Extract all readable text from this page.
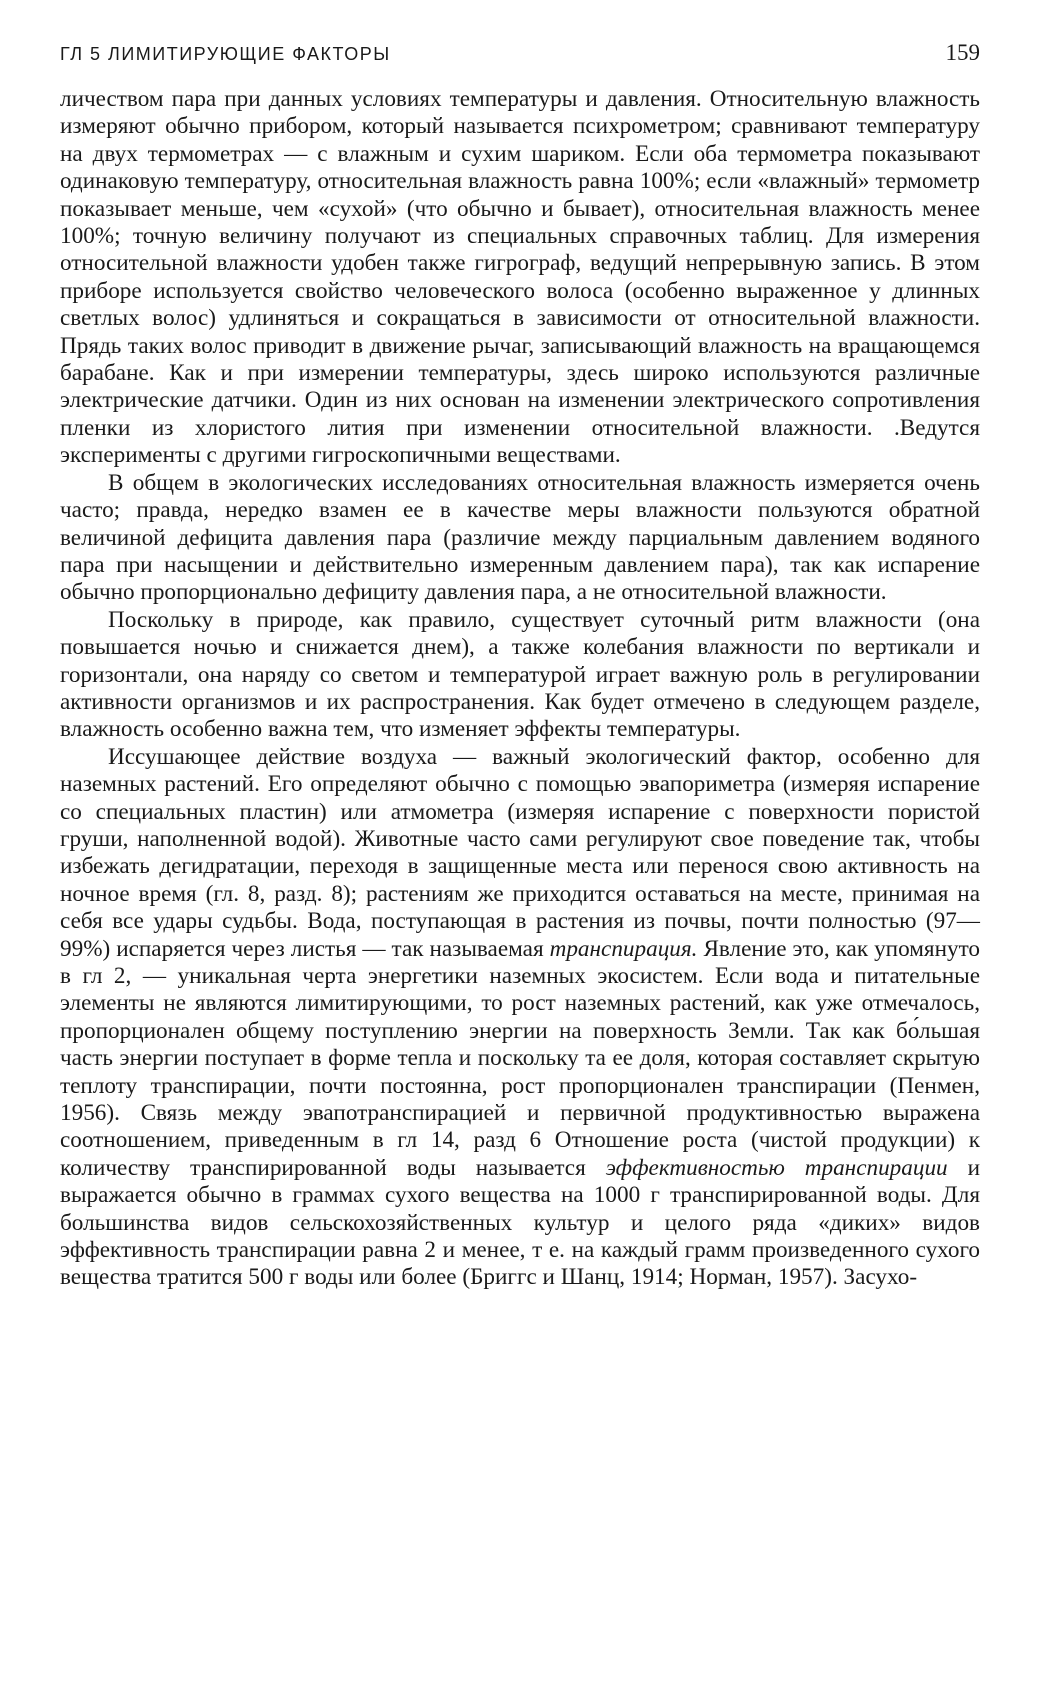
ГЛ 5 ЛИМИТИРУЮЩИЕ ФАКТОРЫ	159

личеством пара при данных условиях температуры и давления. Относительную влажность измеряют обычно прибором, который называется психрометром; сравнивают температуру на двух термометрах — с влажным и сухим шариком. Если оба термометра показывают одинаковую температуру, относительная влажность равна 100%; если «влажный» термометр показывает меньше, чем «сухой» (что обычно и бывает), относительная влажность менее 100%; точную величину получают из специальных справочных таблиц. Для измерения относительной влажности удобен также гигрограф, ведущий непрерывную запись. В этом приборе используется свойство человеческого волоса (особенно выраженное у длинных светлых волос) удлиняться и сокращаться в зависимости от относительной влажности. Прядь таких волос приводит в движение рычаг, записывающий влажность на вращающемся барабане. Как и при измерении температуры, здесь широко используются различные электрические датчики. Один из них основан на изменении электрического сопротивления пленки из хлористого лития при изменении относительной влажности. .Ведутся эксперименты с другими гигроскопичными веществами.

В общем в экологических исследованиях относительная влажность измеряется очень часто; правда, нередко взамен ее в качестве меры влажности пользуются обратной величиной дефицита давления пара (различие между парциальным давлением водяного пара при насыщении и действительно измеренным давлением пара), так как испарение обычно пропорционально дефициту давления пара, а не относительной влажности.

Поскольку в природе, как правило, существует суточный ритм влажности (она повышается ночью и снижается днем), а также колебания влажности по вертикали и горизонтали, она наряду со светом и температурой играет важную роль в регулировании активности организмов и их распространения. Как будет отмечено в следующем разделе, влажность особенно важна тем, что изменяет эффекты температуры.

Иссушающее действие воздуха — важный экологический фактор, особенно для наземных растений. Его определяют обычно с помощью эвапориметра (измеряя испарение со специальных пластин) или атмометра (измеряя испарение с поверхности пористой груши, наполненной водой). Животные часто сами регулируют свое поведение так, чтобы избежать дегидратации, переходя в защищенные места или перенося свою активность на ночное время (гл. 8, разд. 8); растениям же приходится оставаться на месте, принимая на себя все удары судьбы. Вода, поступающая в растения из почвы, почти полностью (97—99%) испаряется через листья — так называемая транспирация. Явление это, как упомянуто в гл 2, — уникальная черта энергетики наземных экосистем. Если вода и питательные элементы не являются лимитирующими, то рост наземных растений, как уже отмечалось, пропорционален общему поступлению энергии на поверхность Земли. Так как бо́льшая часть энергии поступает в форме тепла и поскольку та ее доля, которая составляет скрытую теплоту транспирации, почти постоянна, рост пропорционален транспирации (Пенмен, 1956). Связь между эвапотранспирацией и первичной продуктивностью выражена соотношением, приведенным в гл 14, разд 6 Отношение роста (чистой продукции) к количеству транспирированной воды называется эффективностью транспирации и выражается обычно в граммах сухого вещества на 1000 г транспирированной воды. Для большинства видов сельскохозяйственных культур и целого ряда «диких» видов эффективность транспирации равна 2 и менее, т е. на каждый грамм произведенного сухого вещества тратится 500 г воды или более (Бриггс и Шанц, 1914; Норман, 1957). Засухо-
